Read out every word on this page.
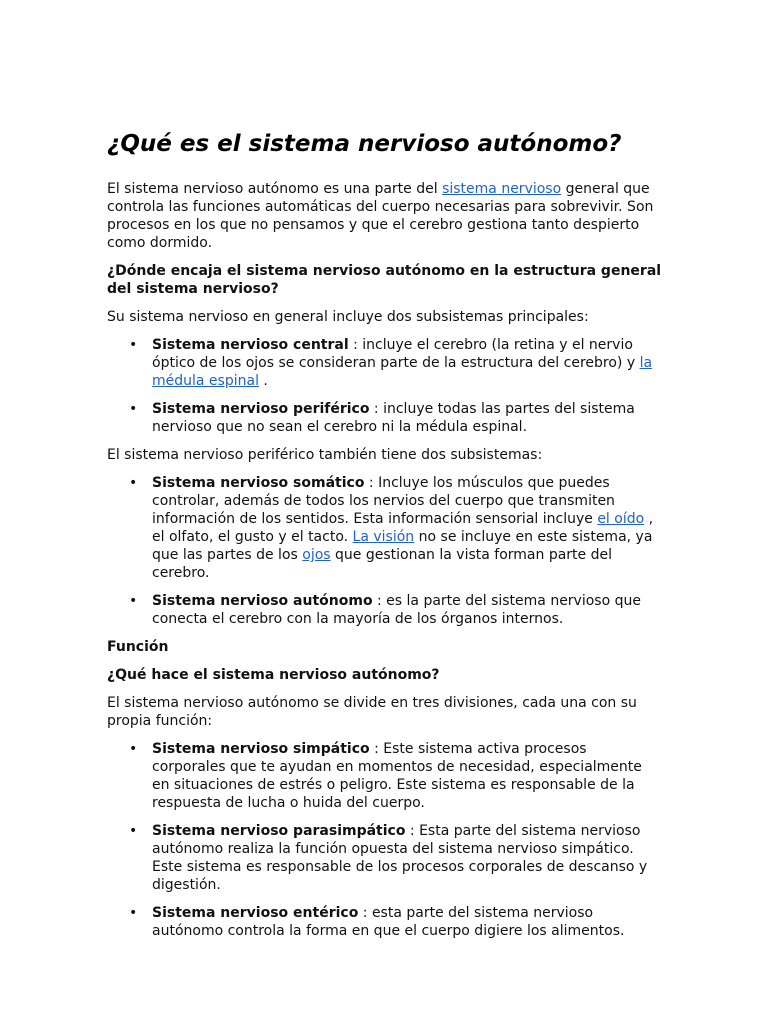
¿Qué es el sistema nervioso autónomo?

El sistema nervioso autónomo es una parte del sistema nervioso general que controla las funciones automáticas del cuerpo necesarias para sobrevivir. Son procesos en los que no pensamos y que el cerebro gestiona tanto despierto como dormido.

¿Dónde encaja el sistema nervioso autónomo en la estructura general del sistema nervioso?

Su sistema nervioso en general incluye dos subsistemas principales:

• Sistema nervioso central : incluye el cerebro (la retina y el nervio óptico de los ojos se consideran parte de la estructura del cerebro) y la médula espinal .
• Sistema nervioso periférico : incluye todas las partes del sistema nervioso que no sean el cerebro ni la médula espinal.

El sistema nervioso periférico también tiene dos subsistemas:

• Sistema nervioso somático : Incluye los músculos que puedes controlar, además de todos los nervios del cuerpo que transmiten información de los sentidos. Esta información sensorial incluye el oído , el olfato, el gusto y el tacto. La visión no se incluye en este sistema, ya que las partes de los ojos que gestionan la vista forman parte del cerebro.
• Sistema nervioso autónomo : es la parte del sistema nervioso que conecta el cerebro con la mayoría de los órganos internos.

Función

¿Qué hace el sistema nervioso autónomo?

El sistema nervioso autónomo se divide en tres divisiones, cada una con su propia función:

• Sistema nervioso simpático : Este sistema activa procesos corporales que te ayudan en momentos de necesidad, especialmente en situaciones de estrés o peligro. Este sistema es responsable de la respuesta de lucha o huida del cuerpo.
• Sistema nervioso parasimpático : Esta parte del sistema nervioso autónomo realiza la función opuesta del sistema nervioso simpático. Este sistema es responsable de los procesos corporales de descanso y digestión.
• Sistema nervioso entérico : esta parte del sistema nervioso autónomo controla la forma en que el cuerpo digiere los alimentos.
